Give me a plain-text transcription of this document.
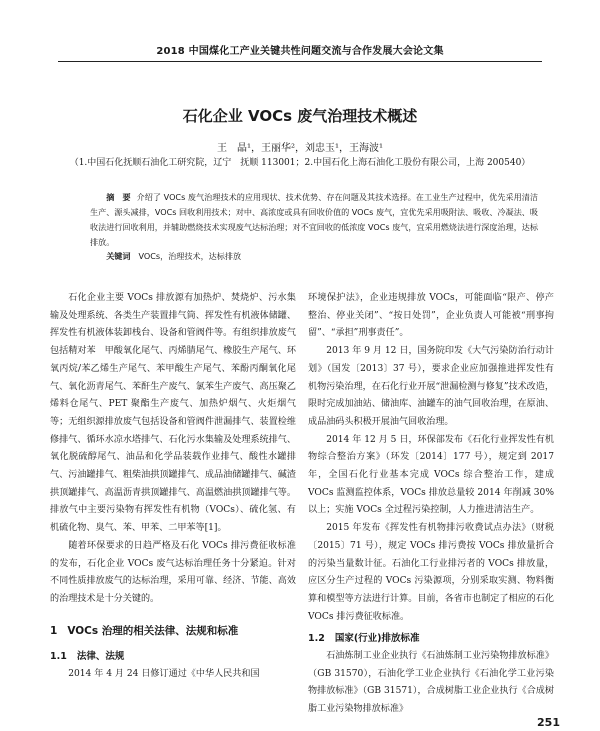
2018 中国煤化工产业关键共性问题交流与合作发展大会论文集
石化企业 VOCs 废气治理技术概述
王　晶¹，王丽华²，刘忠玉¹，王海波¹
（1.中国石化抚顺石油化工研究院，辽宁　抚顺 113001；2.中国石化上海石油化工股份有限公司，上海 200540）
摘　要 介绍了 VOCs 废气治理技术的应用现状、技术优势、存在问题及其技术选择。在工业生产过程中，优先采用清洁生产、源头减排，VOCs 回收利用技术；对中、高浓度或具有回收价值的 VOCs 废气，宜优先采用吸附法、吸收、冷凝法、吸收法进行回收利用，并辅助燃烧技术实现废气达标治理；对不宜回收的低浓度 VOCs 废气，宜采用燃烧法进行深度治理，达标排放。
关键词 VOCs，治理技术，达标排放

石化企业主要 VOCs 排放源有加热炉、焚烧炉、污水集输及处理系统、各类生产装置排气筒、挥发性有机液体储罐、挥发性有机液体装卸栈台、设备和管阀件等。有组织排放废气包括精对苯　甲酸氧化尾气、丙烯腈尾气、橡胶生产尾气、环氧丙烷/苯乙烯生产尾气、苯甲酸生产尾气、苯酚丙酮氧化尾气、氧化沥青尾气、苯酐生产废气、氯苯生产废气、高压聚乙烯料仓尾气、PET 聚酯生产废气、加热炉烟气、火炬烟气等；无组织源排放废气包括设备和管阀件泄漏排气、装置检维修排气、循环水凉水塔排气、石化污水集输及处理系统排气、氧化脱硫醇尾气、油品和化学品装载作业排气、酸性水罐排气、污油罐排气、粗柴油拱顶罐排气、成品油储罐排气、碱渣拱顶罐排气、高温沥青拱顶罐排气、高温燃油拱顶罐排气等。排放气中主要污染物有挥发性有机物（VOCs）、硫化氢、有机硫化物、臭气、苯、甲苯、二甲苯等[1]。

随着环保要求的日趋严格及石化 VOCs 排污费征收标准的发布，石化企业 VOCs 废气达标治理任务十分紧迫。针对不同性质排放废气的达标治理，采用可靠、经济、节能、高效的治理技术是十分关键的。

1 VOCs 治理的相关法律、法规和标准
1.1 法律、法规

2014 年 4 月 24 日修订通过《中华人民共和国

环境保护法》，企业违规排放 VOCs，可能面临“限产、停产整治、停业关闭”、“按日处罚”，企业负责人可能被“刑事拘留”、“承担”刑事责任”。

2013 年 9 月 12 日，国务院印发《大气污染防治行动计划》（国发〔2013〕37 号），要求企业应加强推进挥发性有机物污染治理，在石化行业开展“泄漏检测与修复”技术改造，限时完成加油站、储油库、油罐车的油气回收治理，在原油、成品油码头积极开展油气回收治理。

2014 年 12 月 5 日，环保部发布《石化行业挥发性有机物综合整治方案》（环发〔2014〕177 号），规定到 2017 年，全国石化行业基本完成 VOCs 综合整治工作，建成 VOCs 监测监控体系，VOCs 排放总量较 2014 年削减 30%以上；实施 VOCs 全过程污染控制，人力推进清洁生产。

2015 年发布《挥发性有机物排污收费试点办法》（财税〔2015〕71 号），规定 VOCs 排污费按 VOCs 排放量折合的污染当量数计征。石油化工行业排污者的 VOCs 排放量，应区分生产过程的 VOCs 污染源项，分别采取实测、物料衡算和模型等方法进行计算。目前，各省市也制定了相应的石化 VOCs 排污费征收标准。

1.2 国家(行业)排放标准

石油炼制工业企业执行《石油炼制工业污染物排放标准》（GB 31570），石油化学工业企业执行《石油化学工业污染物排放标准》（GB 31571），合成树脂工业企业执行《合成树脂工业污染物排放标准》

251
